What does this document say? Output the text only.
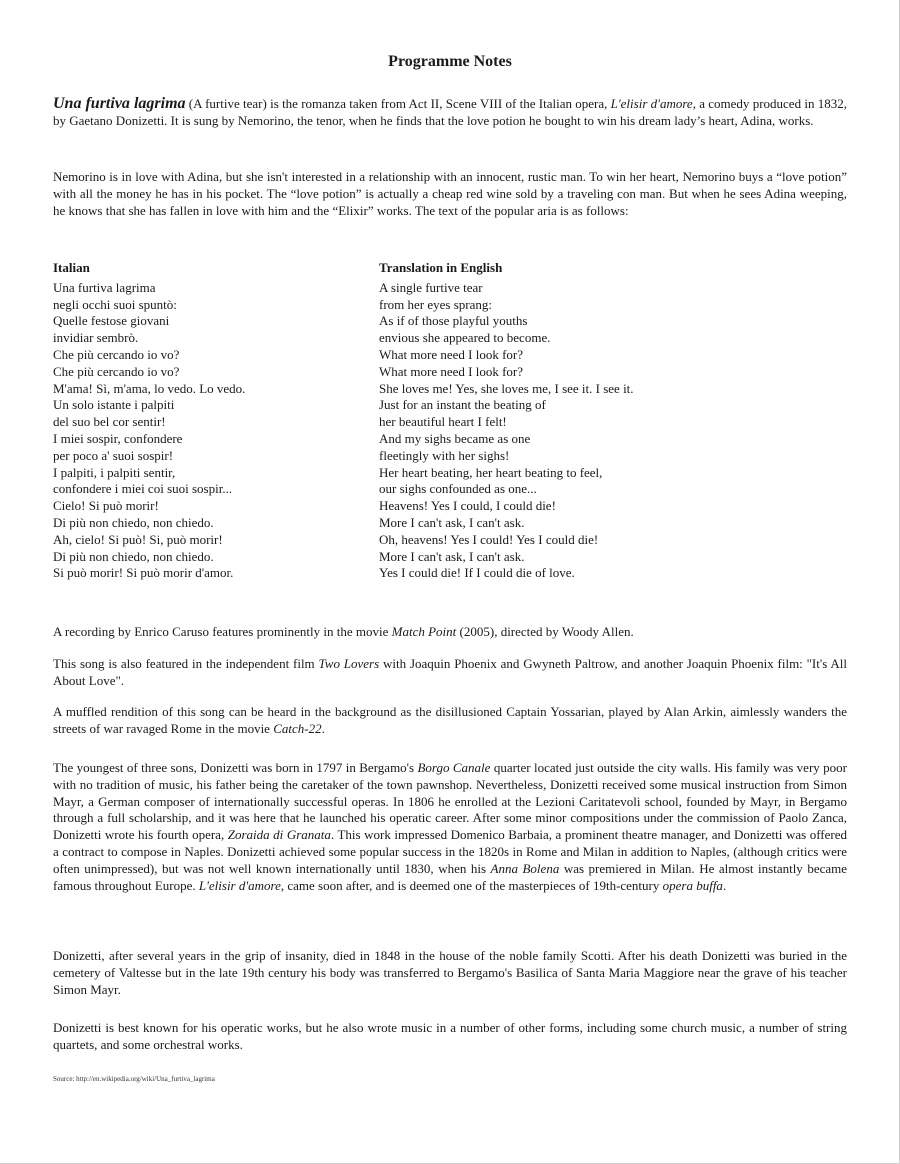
Programme Notes

Una furtiva lagrima (A furtive tear) is the romanza taken from Act II, Scene VIII of the Italian opera, L'elisir d'amore, a comedy produced in 1832, by Gaetano Donizetti. It is sung by Nemorino, the tenor, when he finds that the love potion he bought to win his dream lady’s heart, Adina, works.

Nemorino is in love with Adina, but she isn't interested in a relationship with an innocent, rustic man. To win her heart, Nemorino buys a “love potion” with all the money he has in his pocket. The “love potion” is actually a cheap red wine sold by a traveling con man. But when he sees Adina weeping, he knows that she has fallen in love with him and the “Elixir” works. The text of the popular aria is as follows:

Italian
Una furtiva lagrima
negli occhi suoi spuntò:
Quelle festose giovani
invidiar sembrò.
Che più cercando io vo?
Che più cercando io vo?
M'ama! Sì, m'ama, lo vedo. Lo vedo.
Un solo istante i palpiti
del suo bel cor sentir!
I miei sospir, confondere
per poco a' suoi sospir!
I palpiti, i palpiti sentir,
confondere i miei coi suoi sospir...
Cielo! Si può morir!
Di più non chiedo, non chiedo.
Ah, cielo! Si può! Si, può morir!
Di più non chiedo, non chiedo.
Si può morir! Si può morir d'amor.
Translation in English
A single furtive tear
from her eyes sprang:
As if of those playful youths
envious she appeared to become.
What more need I look for?
What more need I look for?
She loves me! Yes, she loves me, I see it. I see it.
Just for an instant the beating of
her beautiful heart I felt!
And my sighs became as one
fleetingly with her sighs!
Her heart beating, her heart beating to feel,
our sighs confounded as one...
Heavens! Yes I could, I could die!
More I can't ask, I can't ask.
Oh, heavens! Yes I could! Yes I could die!
More I can't ask, I can't ask.
Yes I could die! If I could die of love.

A recording by Enrico Caruso features prominently in the movie Match Point (2005), directed by Woody Allen.

This song is also featured in the independent film Two Lovers with Joaquin Phoenix and Gwyneth Paltrow, and another Joaquin Phoenix film: "It's All About Love".

A muffled rendition of this song can be heard in the background as the disillusioned Captain Yossarian, played by Alan Arkin, aimlessly wanders the streets of war ravaged Rome in the movie Catch-22.

The youngest of three sons, Donizetti was born in 1797 in Bergamo's Borgo Canale quarter located just outside the city walls. His family was very poor with no tradition of music, his father being the caretaker of the town pawnshop. Nevertheless, Donizetti received some musical instruction from Simon Mayr, a German composer of internationally successful operas. In 1806 he enrolled at the Lezioni Caritatevoli school, founded by Mayr, in Bergamo through a full scholarship, and it was here that he launched his operatic career. After some minor compositions under the commission of Paolo Zanca, Donizetti wrote his fourth opera, Zoraida di Granata. This work impressed Domenico Barbaia, a prominent theatre manager, and Donizetti was offered a contract to compose in Naples. Donizetti achieved some popular success in the 1820s in Rome and Milan in addition to Naples, (although critics were often unimpressed), but was not well known internationally until 1830, when his Anna Bolena was premiered in Milan. He almost instantly became famous throughout Europe. L'elisir d'amore, came soon after, and is deemed one of the masterpieces of 19th-century opera buffa.

Donizetti, after several years in the grip of insanity, died in 1848 in the house of the noble family Scotti. After his death Donizetti was buried in the cemetery of Valtesse but in the late 19th century his body was transferred to Bergamo's Basilica of Santa Maria Maggiore near the grave of his teacher Simon Mayr.

Donizetti is best known for his operatic works, but he also wrote music in a number of other forms, including some church music, a number of string quartets, and some orchestral works.

Source: http://en.wikipedia.org/wiki/Una_furtiva_lagrima
